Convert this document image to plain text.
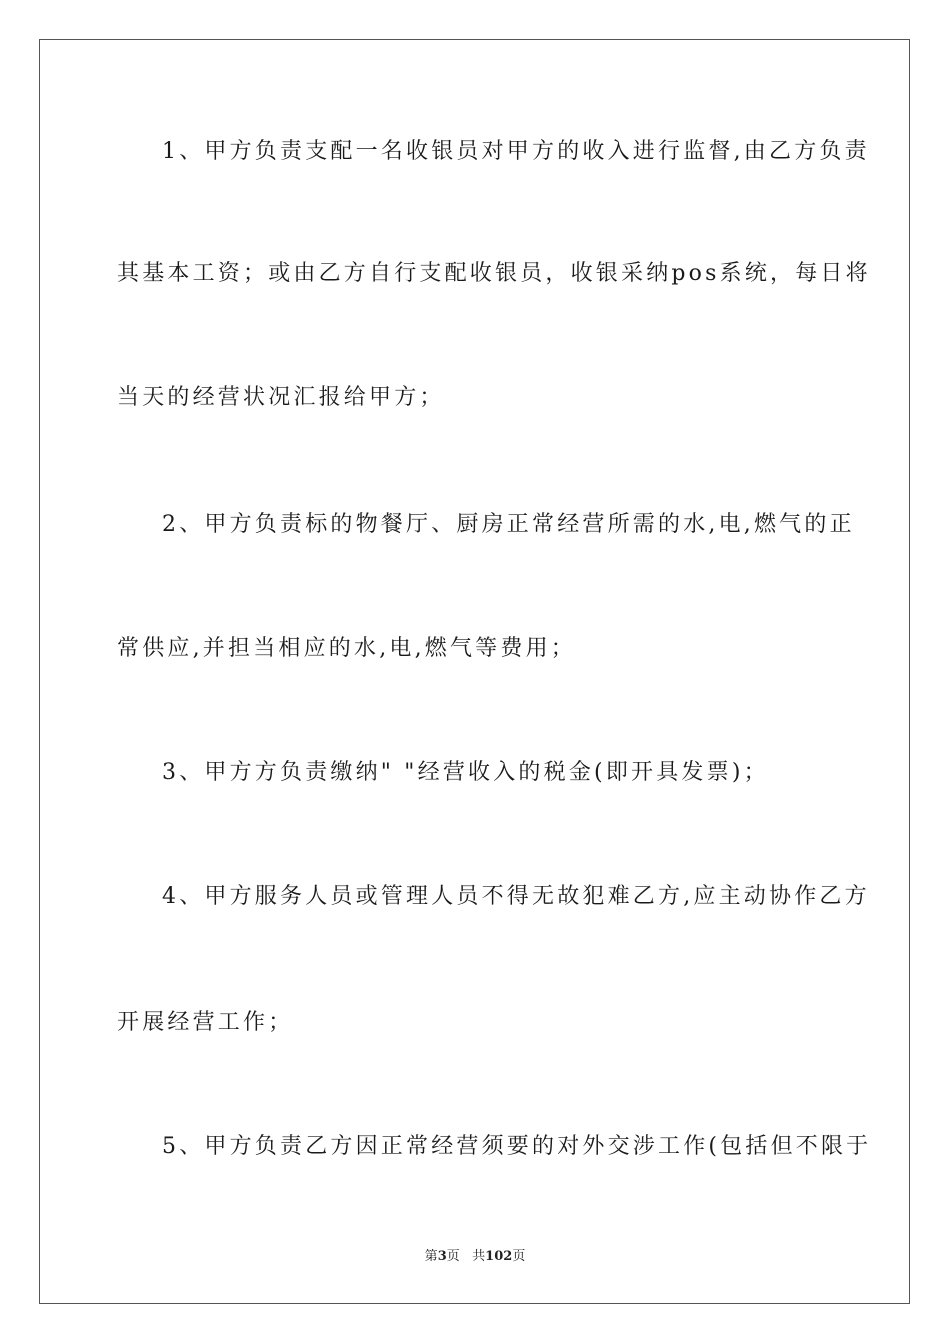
1、甲方负责支配一名收银员对甲方的收入进行监督,由乙方负责
其基本工资；或由乙方自行支配收银员，收银采纳pos系统，每日将
当天的经营状况汇报给甲方；
2、甲方负责标的物餐厅、厨房正常经营所需的水,电,燃气的正
常供应,并担当相应的水,电,燃气等费用；
3、甲方方负责缴纳" "经营收入的税金(即开具发票)；
4、甲方服务人员或管理人员不得无故犯难乙方,应主动协作乙方
开展经营工作；
5、甲方负责乙方因正常经营须要的对外交涉工作(包括但不限于
第3页 共102页
